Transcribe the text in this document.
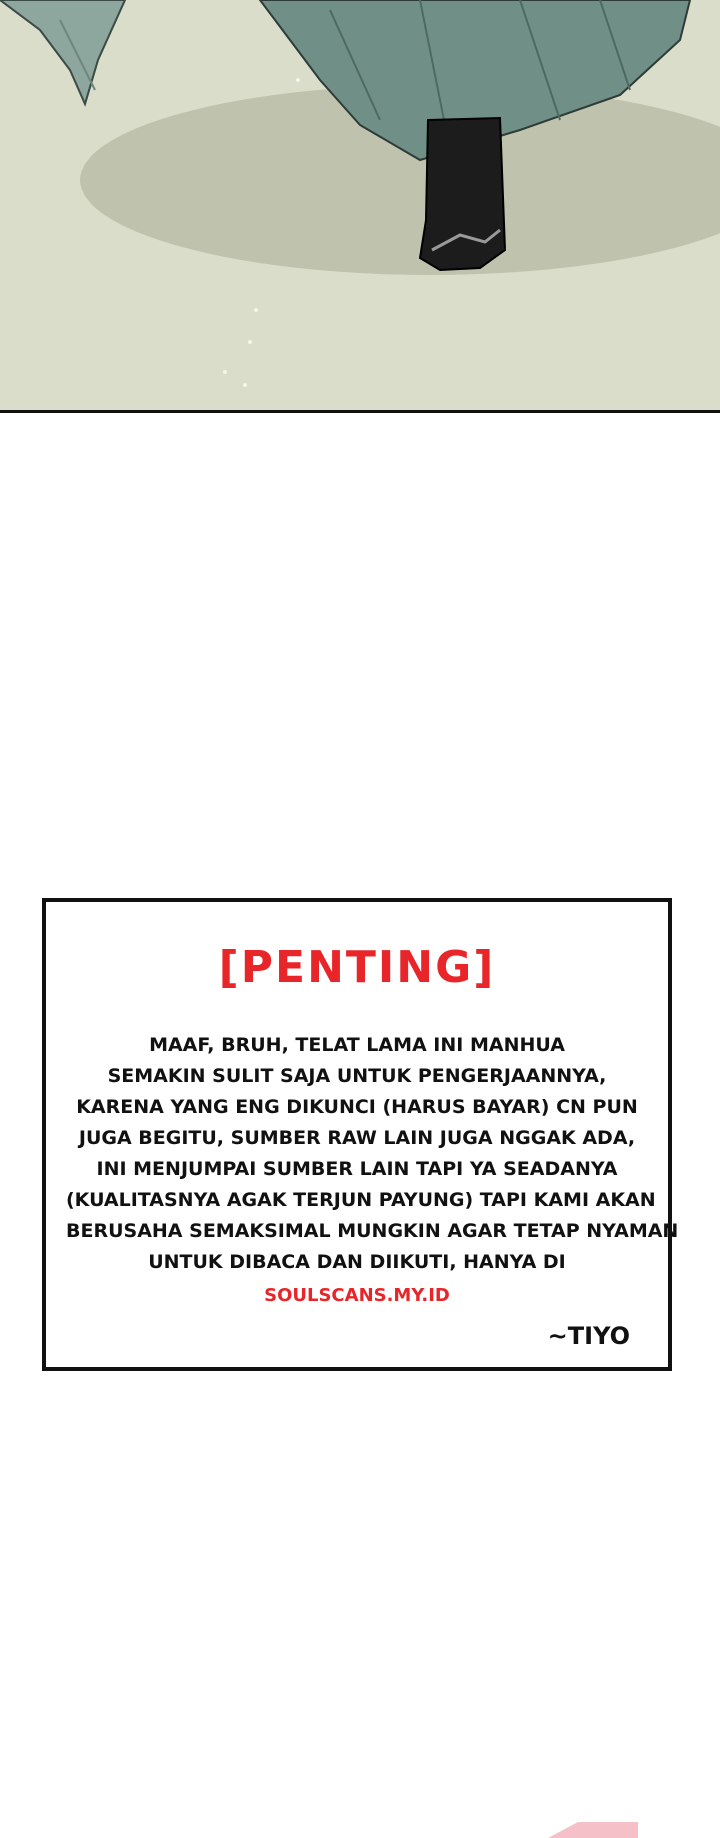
[PENTING]
MAAF, BRUH, TELAT LAMA INI MANHUA
SEMAKIN SULIT SAJA UNTUK PENGERJAANNYA,
KARENA YANG ENG DIKUNCI (HARUS BAYAR) CN PUN
JUGA BEGITU, SUMBER RAW LAIN JUGA NGGAK ADA,
INI MENJUMPAI SUMBER LAIN TAPI YA SEADANYA
(KUALITASNYA AGAK TERJUN PAYUNG) TAPI KAMI AKAN
BERUSAHA SEMAKSIMAL MUNGKIN AGAR TETAP NYAMAN
UNTUK DIBACA DAN DIIKUTI, HANYA DI
SOULSCANS.MY.ID
~TIYO
